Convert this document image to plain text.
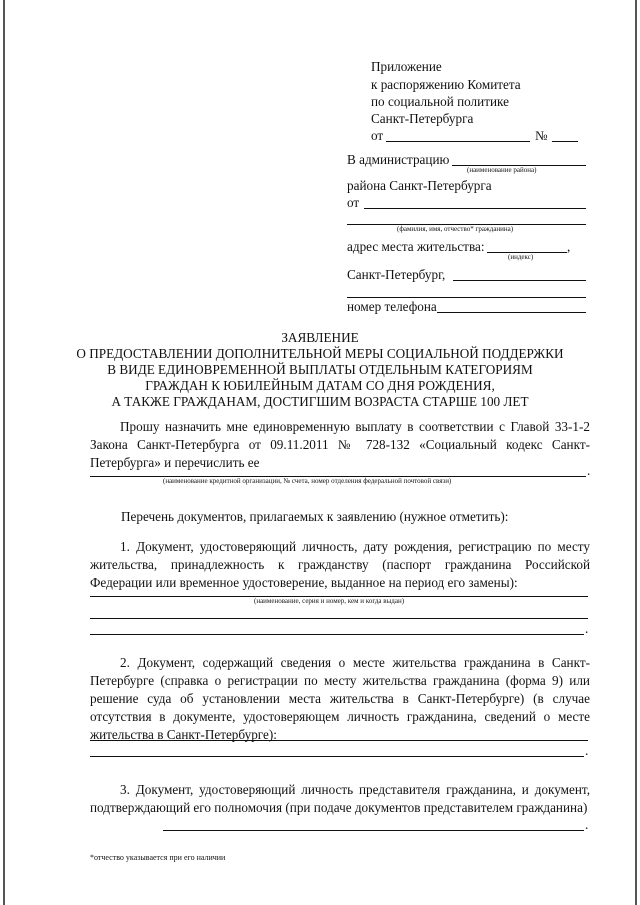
Приложение
к распоряжению Комитета
по социальной политике
Санкт-Петербурга
от	№
В администрацию
(наименование района)
района Санкт-Петербурга
от
(фамилия, имя, отчество* гражданина)
адрес места жительства:	,
(индекс)
Санкт-Петербург,
номер телефона
ЗАЯВЛЕНИЕ
О ПРЕДОСТАВЛЕНИИ ДОПОЛНИТЕЛЬНОЙ МЕРЫ СОЦИАЛЬНОЙ ПОДДЕРЖКИ
В ВИДЕ ЕДИНОВРЕМЕННОЙ ВЫПЛАТЫ ОТДЕЛЬНЫМ КАТЕГОРИЯМ
ГРАЖДАН К ЮБИЛЕЙНЫМ ДАТАМ СО ДНЯ РОЖДЕНИЯ,
А ТАКЖЕ ГРАЖДАНАМ, ДОСТИГШИМ ВОЗРАСТА СТАРШЕ 100 ЛЕТ
Прошу назначить мне единовременную выплату в соответствии с Главой 33-1-2 Закона Санкт-Петербурга от 09.11.2011 № 728-132 «Социальный кодекс Санкт-Петербурга» и перечислить ее
.
(наименование кредитной организации, № счета, номер отделения федеральной почтовой связи)
Перечень документов, прилагаемых к заявлению (нужное отметить):
1. Документ, удостоверяющий личность, дату рождения, регистрацию по месту жительства, принадлежность к гражданству (паспорт гражданина Российской Федерации или временное удостоверение, выданное на период его замены):
(наименование, серия и номер, кем и когда выдан)
.
2. Документ, содержащий сведения о месте жительства гражданина в Санкт-Петербурге (справка о регистрации по месту жительства гражданина (форма 9) или решение суда об установлении места жительства в Санкт-Петербурге) (в случае отсутствия в документе, удостоверяющем личность гражданина, сведений о месте жительства в Санкт-Петербурге):
.
3. Документ, удостоверяющий личность представителя гражданина, и документ, подтверждающий его полномочия (при подаче документов представителем гражданина)
.
*отчество указывается при его наличии
